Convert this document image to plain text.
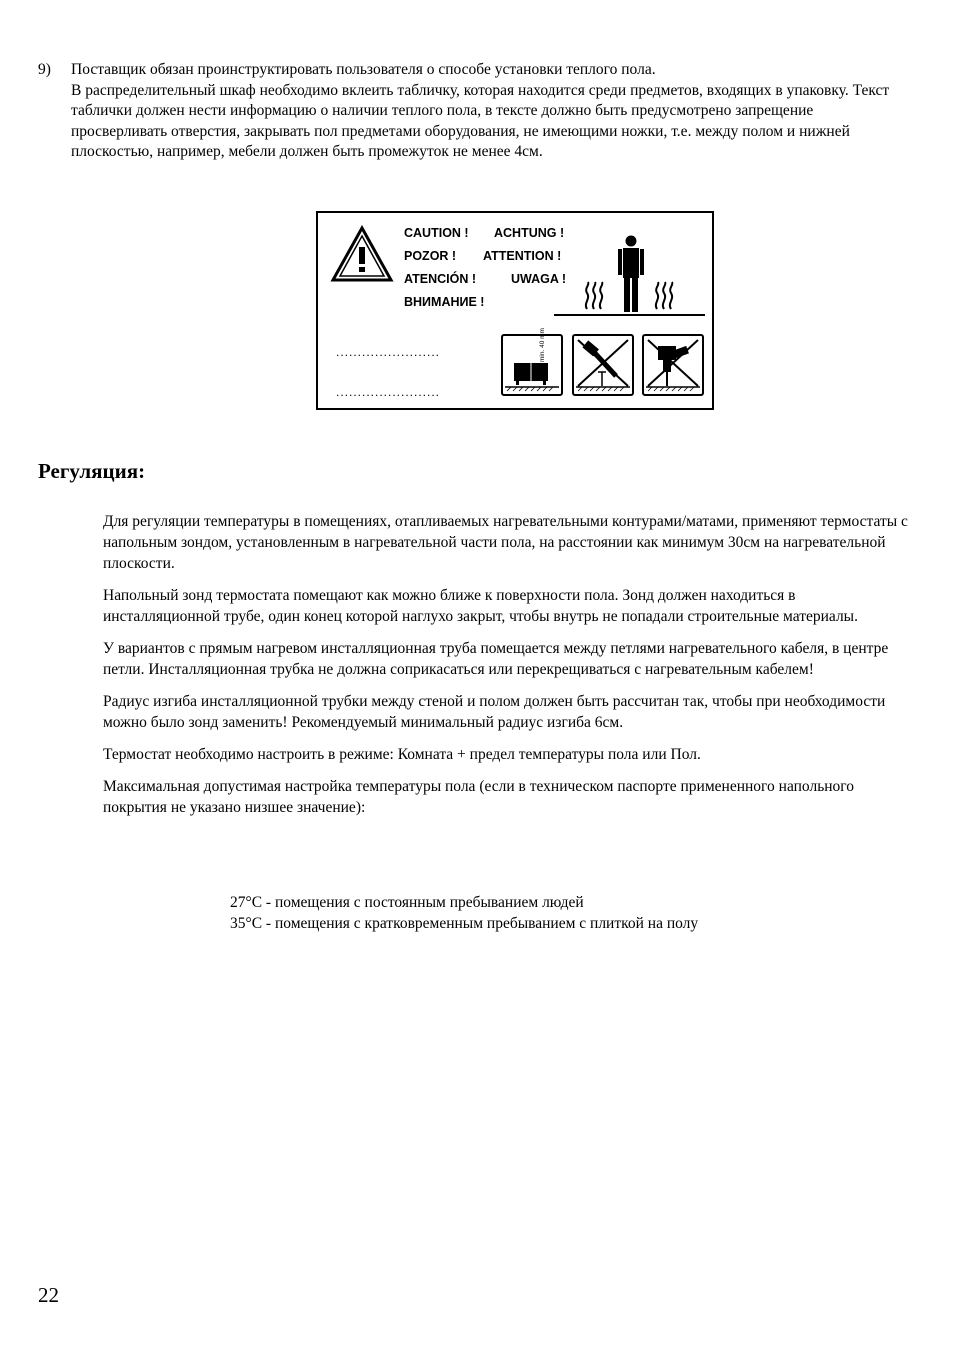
9) Поставщик обязан проинструктировать пользователя о способе установки теплого пола.

В распределительный шкаф необходимо вклеить табличку, которая находится среди предметов, входящих в упаковку. Текст таблички должен нести информацию о наличии теплого пола, в тексте должно быть предусмотрено запрещение просверливать отверстия, закрывать пол предметами оборудования, не имеющими ножки, т.е. между полом и нижней плоскостью, например, мебели должен быть промежуток не менее 4см.

CAUTION ! ACHTUNG !
POZOR ! ATTENTION !
ATENCIÓN !	UWAGA !
ВНИМАНИЕ !
........................
........................
min. 40 mm
Регуляция:

Для регуляции температуры в помещениях, отапливаемых нагревательными контурами/матами, применяют термостаты с напольным зондом, установленным в нагревательной части пола, на расстоянии как минимум 30см на нагревательной плоскости.

Напольный зонд термостата помещают как можно ближе к поверхности пола. Зонд должен находиться в инсталляционной трубе, один конец которой наглухо закрыт, чтобы внутрь не попадали строительные материалы.

У вариантов с прямым нагревом инсталляционная труба помещается между петлями нагревательного кабеля, в центре петли. Инсталляционная трубка не должна соприкасаться или перекрещиваться с нагревательным кабелем!

Радиус изгиба инсталляционной трубки между стеной и полом должен быть рассчитан так, чтобы при необходимости можно было зонд заменить! Рекомендуемый минимальный радиус изгиба 6см.

Термостат необходимо настроить в режиме: Комната + предел температуры пола или Пол.

Максимальная допустимая настройка температуры пола (если в техническом паспорте примененного напольного покрытия не указано низшее значение):

27°C - помещения с постоянным пребыванием людей

35°C - помещения с кратковременным пребыванием с плиткой на полу

22
